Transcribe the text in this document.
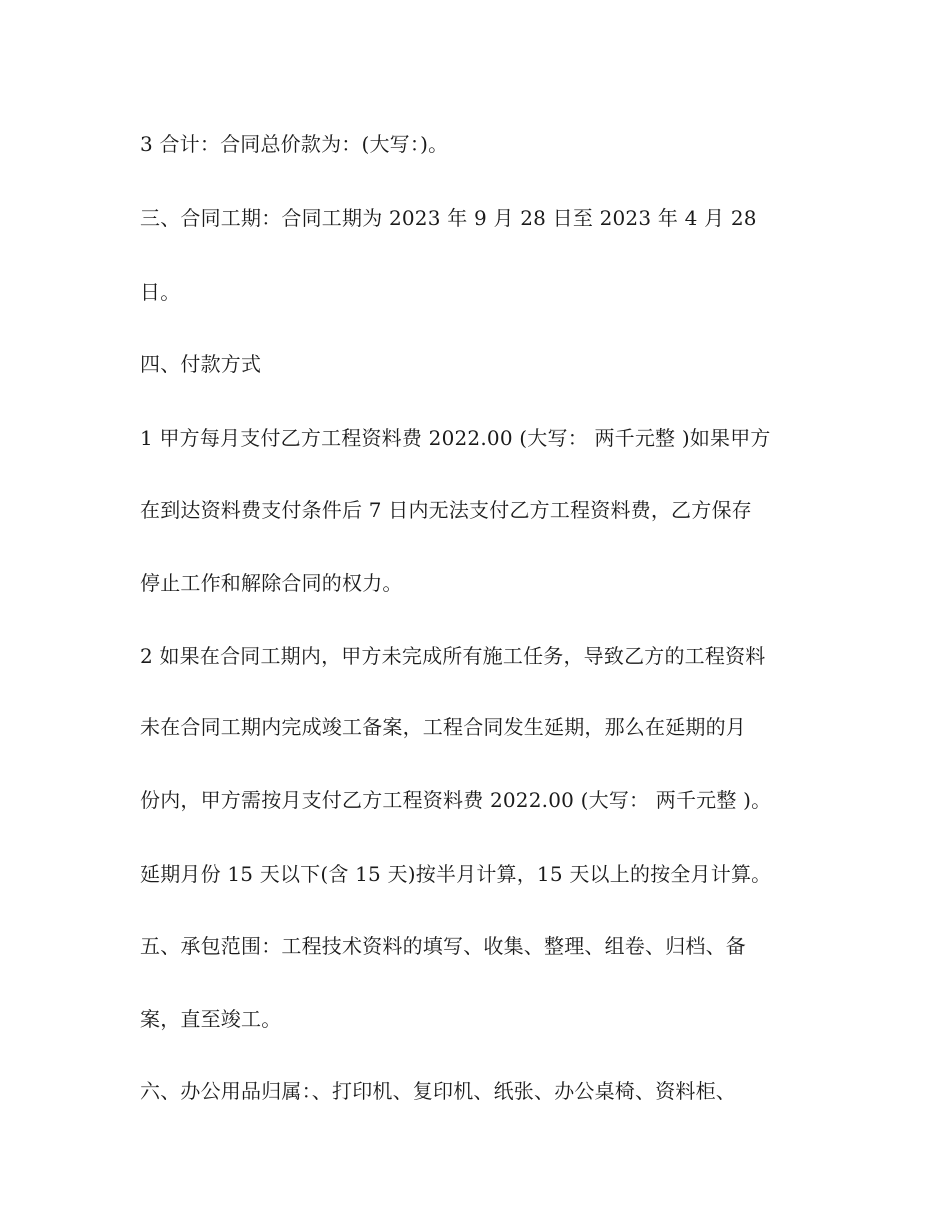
3 合计：合同总价款为：(大写：)。
三、合同工期：合同工期为 2023 年 9 月 28 日至 2023 年 4 月 28
日。
四、付款方式
1 甲方每月支付乙方工程资料费 2022.00 (大写： 两千元整 )如果甲方
在到达资料费支付条件后 7 日内无法支付乙方工程资料费，乙方保存
停止工作和解除合同的权力。
2 如果在合同工期内，甲方未完成所有施工任务，导致乙方的工程资料
未在合同工期内完成竣工备案，工程合同发生延期，那么在延期的月
份内，甲方需按月支付乙方工程资料费 2022.00 (大写： 两千元整 )。
延期月份 15 天以下(含 15 天)按半月计算，15 天以上的按全月计算。
五、承包范围：工程技术资料的填写、收集、整理、组卷、归档、备
案，直至竣工。
六、办公用品归属：、打印机、复印机、纸张、办公桌椅、资料柜、
